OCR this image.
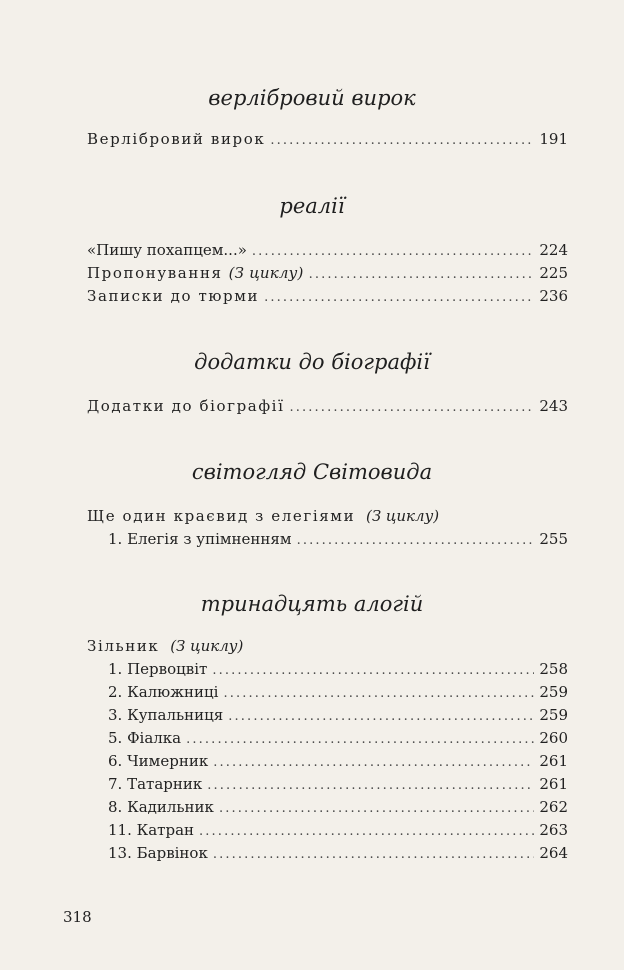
верлібровий вирок
Верлібровий вирок . . .	191
реалії
«Пишу похапцем...» . . .	224
Пропонування (З циклу) . . .	225
Записки до тюрми . . .	236
додатки до біографії
Додатки до біографії . . .	243
світогляд Світовида
Ще один краєвид з елегіями (З циклу)
1. Елегія з упімненням . . .	255
тринадцять алогій
Зільник (З циклу)
1. Первоцвіт . . .	258
2. Калюжниці . . .	259
3. Купальниця . . .	259
5. Фіалка . . .	260
6. Чимерник . . .	261
7. Татарник . . .	261
8. Кадильник . . .	262
11. Катран . . .	263
13. Барвінок . . .	264
318
